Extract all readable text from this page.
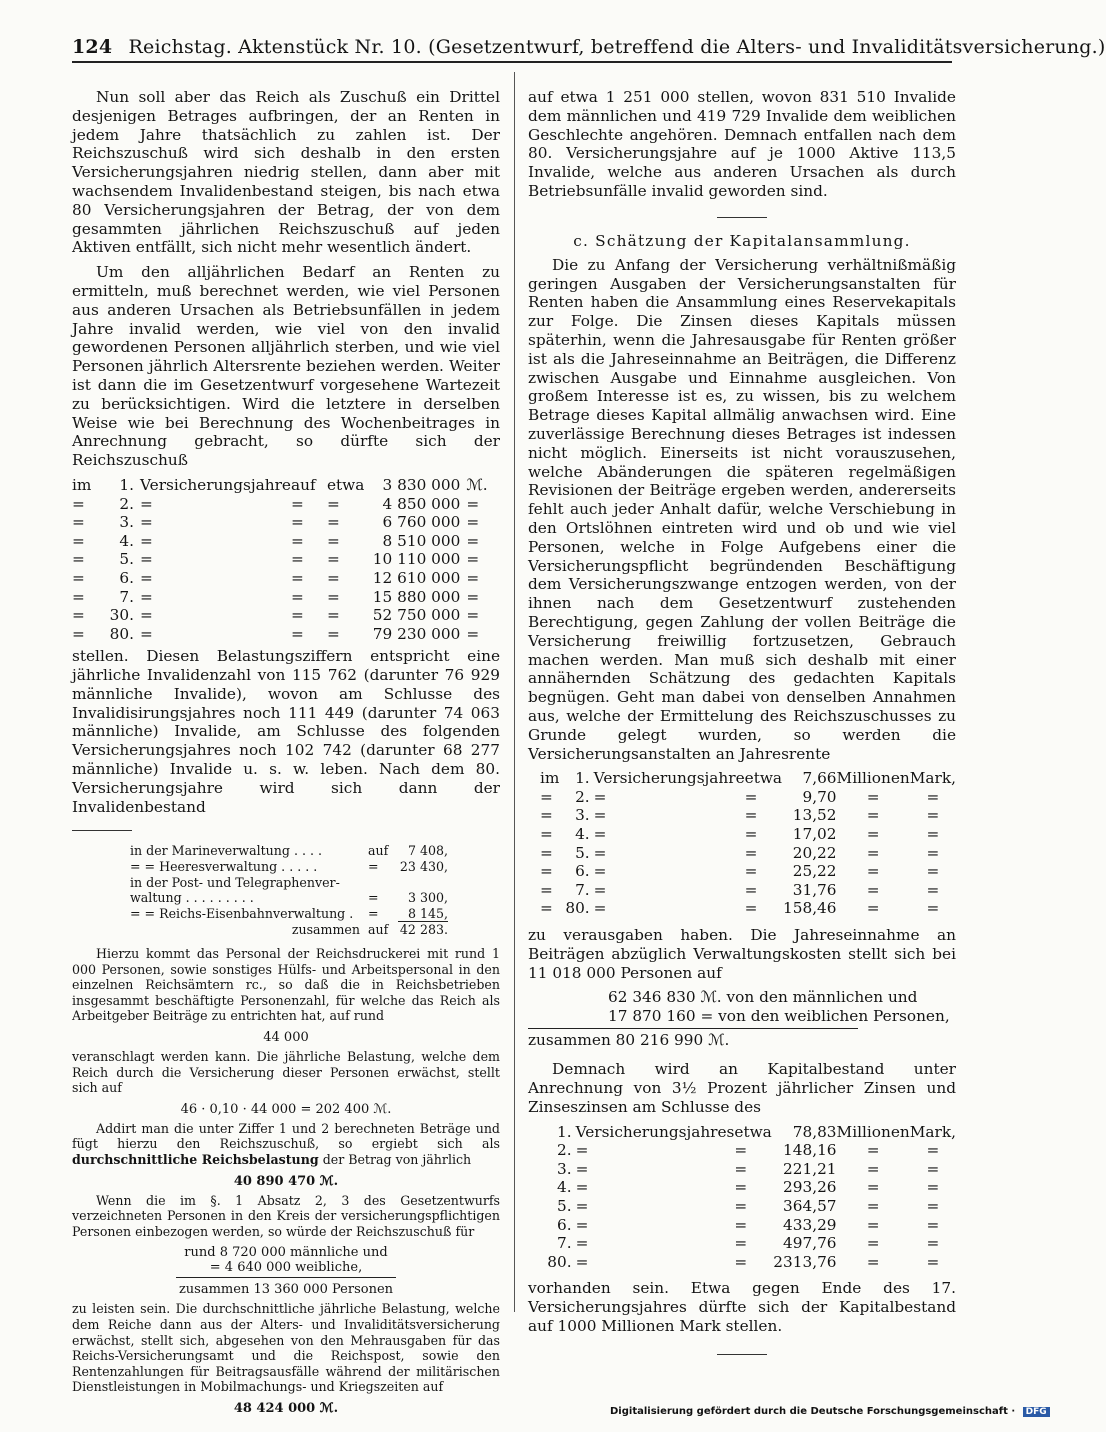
124 Reichstag. Aktenstück Nr. 10. (Gesetzentwurf, betreffend die Alters- und Invaliditätsversicherung.)

Nun soll aber das Reich als Zuschuß ein Drittel desjenigen Betrages aufbringen, der an Renten in jedem Jahre thatsächlich zu zahlen ist. Der Reichszuschuß wird sich deshalb in den ersten Versicherungsjahren niedrig stellen, dann aber mit wachsendem Invalidenbestand steigen, bis nach etwa 80 Versicherungsjahren der Betrag, der von dem gesammten jährlichen Reichszuschuß auf jeden Aktiven entfällt, sich nicht mehr wesentlich ändert.

Um den alljährlichen Bedarf an Renten zu ermitteln, muß berechnet werden, wie viel Personen aus anderen Ursachen als Betriebsunfällen in jedem Jahre invalid werden, wie viel von den invalid gewordenen Personen alljährlich sterben, und wie viel Personen jährlich Altersrente beziehen werden. Weiter ist dann die im Gesetzentwurf vorgesehene Wartezeit zu berücksichtigen. Wird die letztere in derselben Weise wie bei Berechnung des Wochenbeitrages in Anrechnung gebracht, so dürfte sich der Reichszuschuß

im	1.	Versicherungsjahre	auf	etwa	3 830 000	ℳ.
=	2.	=	=	=	4 850 000	=
=	3.	=	=	=	6 760 000	=
=	4.	=	=	=	8 510 000	=
=	5.	=	=	=	10 110 000	=
=	6.	=	=	=	12 610 000	=
=	7.	=	=	=	15 880 000	=
=	30.	=	=	=	52 750 000	=
=	80.	=	=	=	79 230 000	=

stellen. Diesen Belastungsziffern entspricht eine jährliche Invalidenzahl von 115 762 (darunter 76 929 männliche Invalide), wovon am Schlusse des Invalidisirungsjahres noch 111 449 (darunter 74 063 männliche) Invalide, am Schlusse des folgenden Versicherungsjahres noch 102 742 (darunter 68 277 männliche) Invalide u. s. w. leben. Nach dem 80. Versicherungsjahre wird sich dann der Invalidenbestand

in der Marineverwaltung . . . .	auf	7 408,
= = Heeresverwaltung . . . . .	=	23 430,
in der Post- und Telegraphenver-		
waltung . . . . . . . . .	=	3 300,
= = Reichs-Eisenbahnverwaltung .	=	8 145,
zusammen	auf	42 283.

Hierzu kommt das Personal der Reichsdruckerei mit rund 1 000 Personen, sowie sonstiges Hülfs- und Arbeitspersonal in den einzelnen Reichsämtern rc., so daß die in Reichsbetrieben insgesammt beschäftigte Personenzahl, für welche das Reich als Arbeitgeber Beiträge zu entrichten hat, auf rund

44 000

veranschlagt werden kann. Die jährliche Belastung, welche dem Reich durch die Versicherung dieser Personen erwächst, stellt sich auf

46 · 0,10 · 44 000 = 202 400 ℳ.

Addirt man die unter Ziffer 1 und 2 berechneten Beträge und fügt hierzu den Reichszuschuß, so ergiebt sich als durchschnittliche Reichsbelastung der Betrag von jährlich

40 890 470 ℳ.

Wenn die im §. 1 Absatz 2, 3 des Gesetzentwurfs verzeichneten Personen in den Kreis der versicherungspflichtigen Personen einbezogen werden, so würde der Reichszuschuß für

rund 8 720 000 männliche und
= 4 640 000 weibliche,
zusammen 13 360 000 Personen

zu leisten sein. Die durchschnittliche jährliche Belastung, welche dem Reiche dann aus der Alters- und Invaliditätsversicherung erwächst, stellt sich, abgesehen von den Mehrausgaben für das Reichs-Versicherungsamt und die Reichspost, sowie den Rentenzahlungen für Beitragsausfälle während der militärischen Dienstleistungen in Mobilmachungs- und Kriegszeiten auf

48 424 000 ℳ.

auf etwa 1 251 000 stellen, wovon 831 510 Invalide dem männlichen und 419 729 Invalide dem weiblichen Geschlechte angehören. Demnach entfallen nach dem 80. Versicherungsjahre auf je 1000 Aktive 113,5 Invalide, welche aus anderen Ursachen als durch Betriebsunfälle invalid geworden sind.

c. Schätzung der Kapitalansammlung.

Die zu Anfang der Versicherung verhältnißmäßig geringen Ausgaben der Versicherungsanstalten für Renten haben die Ansammlung eines Reservekapitals zur Folge. Die Zinsen dieses Kapitals müssen späterhin, wenn die Jahresausgabe für Renten größer ist als die Jahreseinnahme an Beiträgen, die Differenz zwischen Ausgabe und Einnahme ausgleichen. Von großem Interesse ist es, zu wissen, bis zu welchem Betrage dieses Kapital allmälig anwachsen wird. Eine zuverlässige Berechnung dieses Betrages ist indessen nicht möglich. Einerseits ist nicht vorauszusehen, welche Abänderungen die späteren regelmäßigen Revisionen der Beiträge ergeben werden, andererseits fehlt auch jeder Anhalt dafür, welche Verschiebung in den Ortslöhnen eintreten wird und ob und wie viel Personen, welche in Folge Aufgebens einer die Versicherungspflicht begründenden Beschäftigung dem Versicherungszwange entzogen werden, von der ihnen nach dem Gesetzentwurf zustehenden Berechtigung, gegen Zahlung der vollen Beiträge die Versicherung freiwillig fortzusetzen, Gebrauch machen werden. Man muß sich deshalb mit einer annähernden Schätzung des gedachten Kapitals begnügen. Geht man dabei von denselben Annahmen aus, welche der Ermittelung des Reichszuschusses zu Grunde gelegt wurden, so werden die Versicherungsanstalten an Jahresrente

im	1.	Versicherungsjahre	etwa	7,66	Millionen	Mark,
=	2.	=	=	9,70	=	=
=	3.	=	=	13,52	=	=
=	4.	=	=	17,02	=	=
=	5.	=	=	20,22	=	=
=	6.	=	=	25,22	=	=
=	7.	=	=	31,76	=	=
=	80.	=	=	158,46	=	=

zu verausgaben haben. Die Jahreseinnahme an Beiträgen abzüglich Verwaltungskosten stellt sich bei 11 018 000 Personen auf

62 346 830 ℳ. von den männlichen und
17 870 160 = von den weiblichen Personen,

zusammen 80 216 990 ℳ.

Demnach wird an Kapitalbestand unter Anrechnung von 3½ Prozent jährlicher Zinsen und Zinseszinsen am Schlusse des

1.	Versicherungsjahres	etwa	78,83	Millionen	Mark,
2.	=	=	148,16	=	=
3.	=	=	221,21	=	=
4.	=	=	293,26	=	=
5.	=	=	364,57	=	=
6.	=	=	433,29	=	=
7.	=	=	497,76	=	=
80.	=	=	2313,76	=	=

vorhanden sein. Etwa gegen Ende des 17. Versicherungsjahres dürfte sich der Kapitalbestand auf 1000 Millionen Mark stellen.

Digitalisierung gefördert durch die Deutsche Forschungsgemeinschaft · DFG
